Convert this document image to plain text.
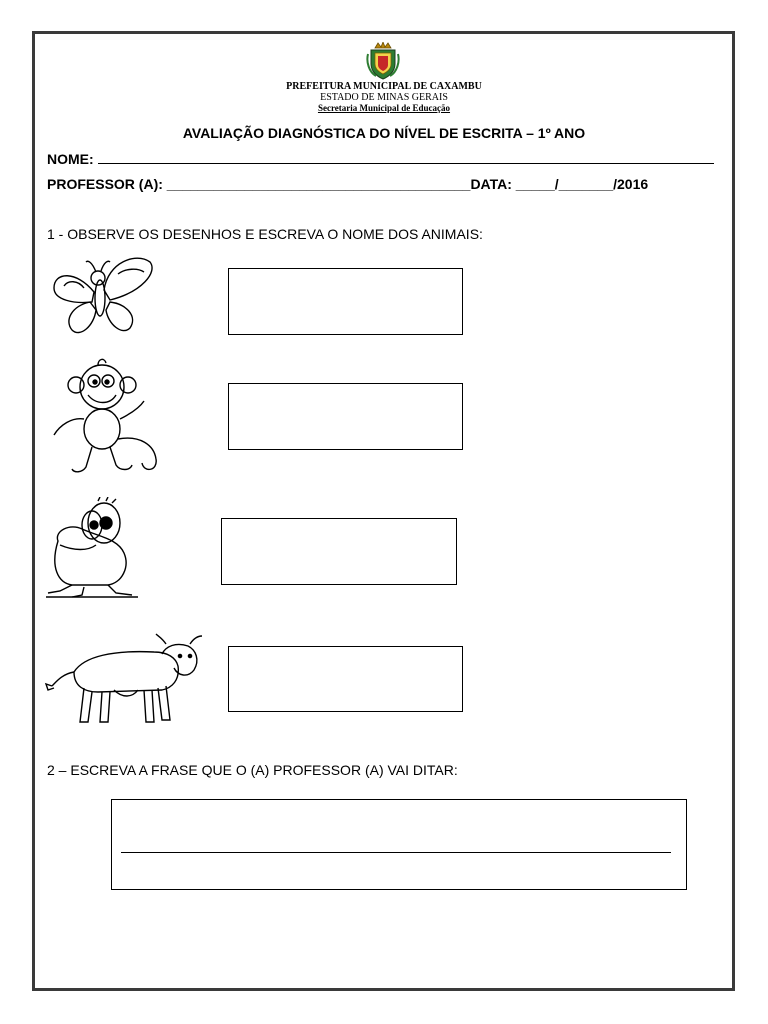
PREFEITURA MUNICIPAL DE CAXAMBU
ESTADO DE MINAS GERAIS
Secretaria Municipal de Educação
AVALIAÇÃO DIAGNÓSTICA DO NÍVEL DE ESCRITA – 1º ANO
NOME:
PROFESSOR (A): _______________________________________DATA: _____/_______/2016
1 - OBSERVE OS DESENHOS E ESCREVA O NOME DOS ANIMAIS:
2 – ESCREVA A FRASE QUE O (A) PROFESSOR (A) VAI DITAR:
